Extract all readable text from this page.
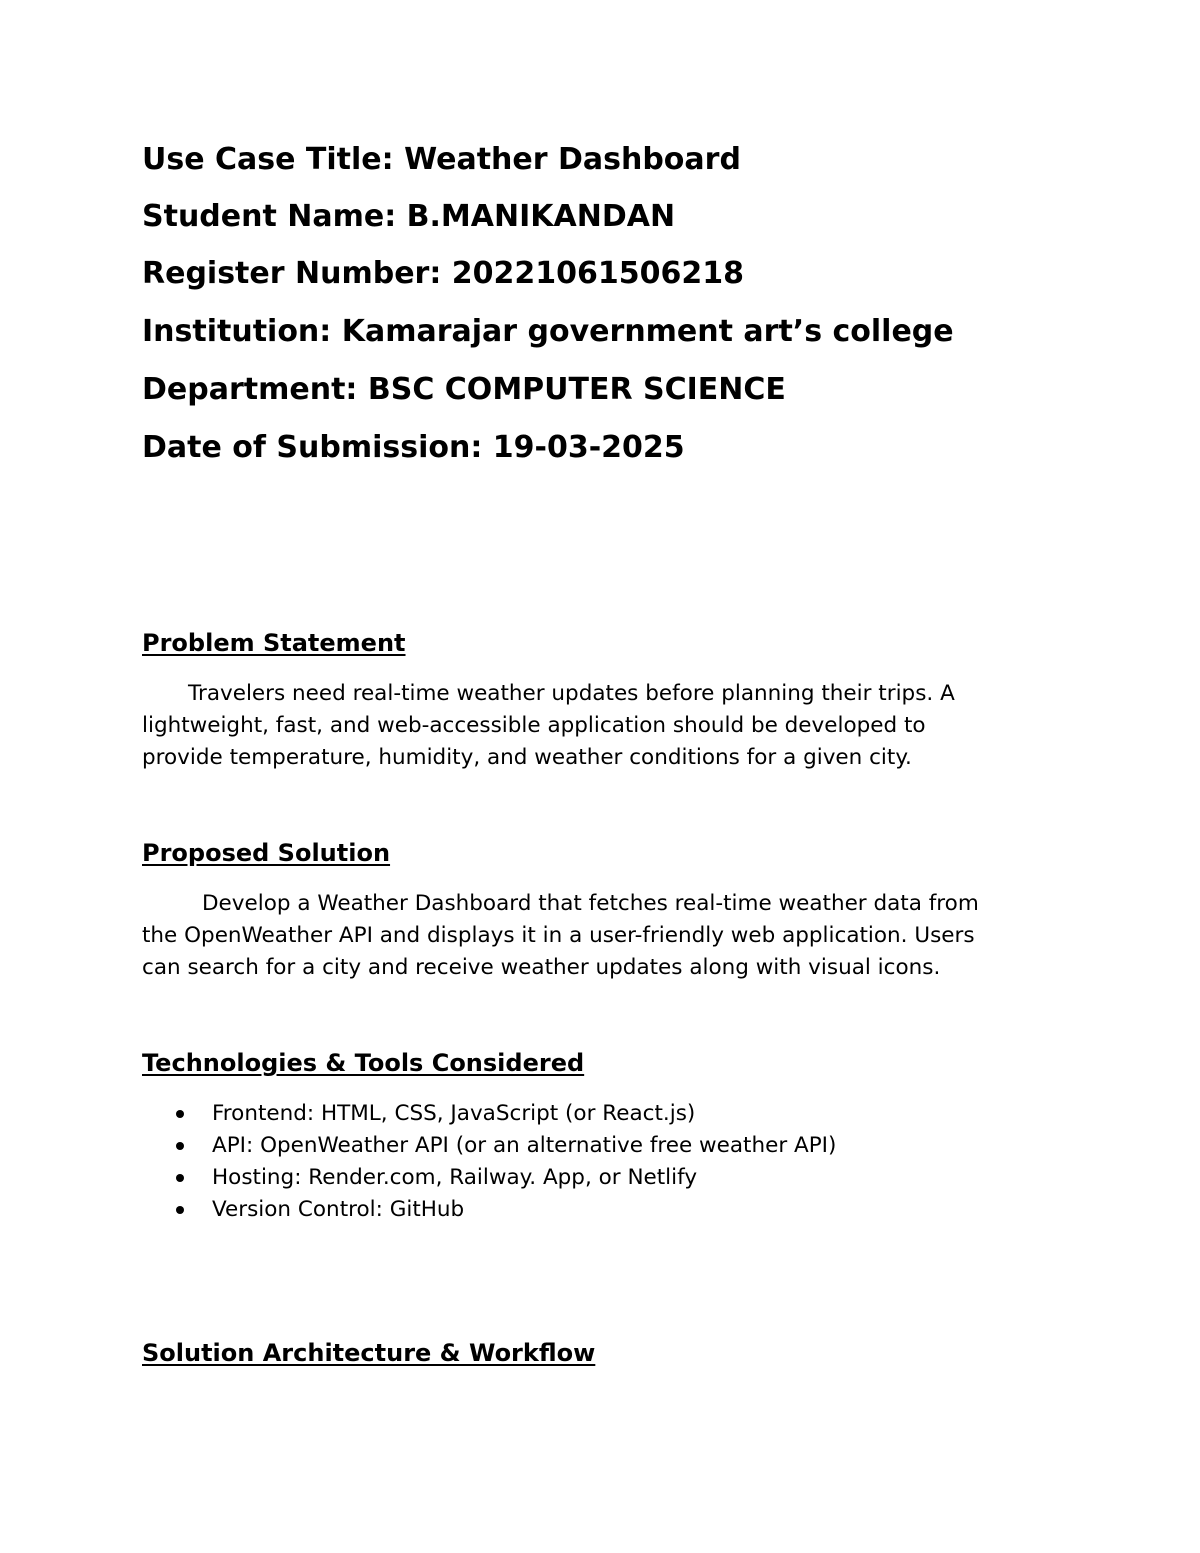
Use Case Title: Weather Dashboard

Student Name: B.MANIKANDAN

Register Number: 20221061506218

Institution: Kamarajar government art’s college

Department: BSC COMPUTER SCIENCE

Date of Submission: 19-03-2025

Problem Statement
Travelers need real-time weather updates before planning their trips. A
lightweight, fast, and web-accessible application should be developed to
provide temperature, humidity, and weather conditions for a given city.
Proposed Solution
Develop a Weather Dashboard that fetches real-time weather data from
the OpenWeather API and displays it in a user-friendly web application. Users
can search for a city and receive weather updates along with visual icons.
Technologies & Tools Considered
Frontend: HTML, CSS, JavaScript (or React.js)
API: OpenWeather API (or an alternative free weather API)
Hosting: Render.com, Railway. App, or Netlify
Version Control: GitHub
Solution Architecture & Workflow
